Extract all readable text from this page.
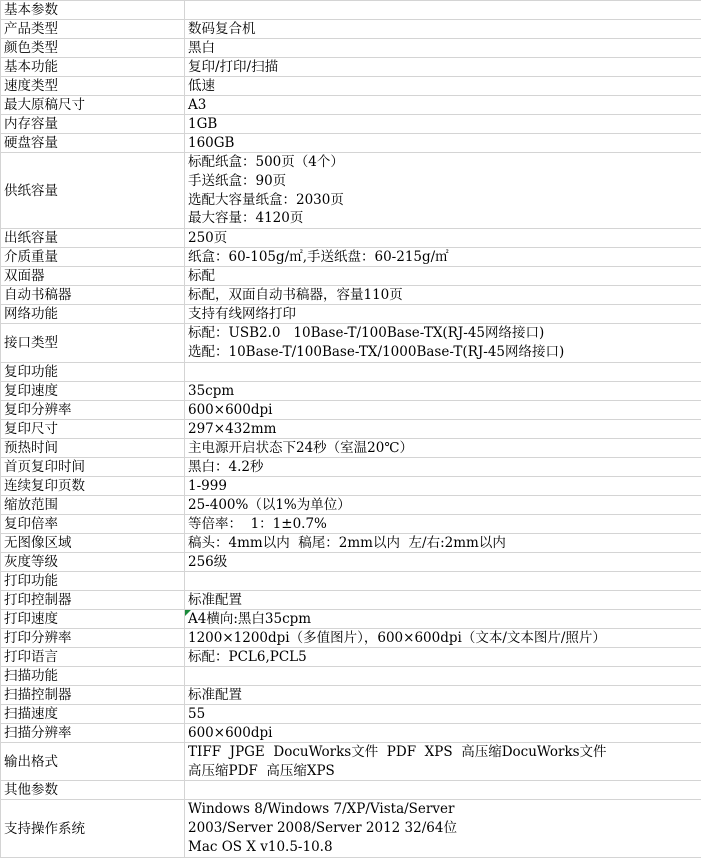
基本参数	
产品类型	数码复合机
颜色类型	黑白
基本功能	复印/打印/扫描
速度类型	低速
最大原稿尺寸	A3
内存容量	1GB
硬盘容量	160GB
供纸容量	标配纸盒：500页（4个）
手送纸盒：90页
选配大容量纸盒：2030页
最大容量：4120页

出纸容量	250页
介质重量	纸盒：60-105g/㎡,手送纸盘：60-215g/㎡
双面器	标配
自动书稿器	标配，双面自动书稿器，容量110页
网络功能	支持有线网络打印
接口类型	标配：USB2.0   10Base-T/100Base-TX(RJ-45网络接口)
选配：10Base-T/100Base-TX/1000Base-T(RJ-45网络接口)

复印功能	
复印速度	35cpm
复印分辨率	600×600dpi
复印尺寸	297×432mm
预热时间	主电源开启状态下24秒（室温20℃）
首页复印时间	黑白：4.2秒
连续复印页数	1-999
缩放范围	25-400%（以1%为单位）
复印倍率	等倍率：  1：1±0.7%
无图像区域	稿头：4mm以内  稿尾：2mm以内  左/右:2mm以内
灰度等级	256级
打印功能	
打印控制器	标准配置
打印速度	A4横向:黑白35cpm

打印分辨率	1200×1200dpi（多值图片），600×600dpi（文本/文本图片/照片）
打印语言	标配：PCL6,PCL5
扫描功能	
扫描控制器	标准配置
扫描速度	55
扫描分辨率	600×600dpi
输出格式	TIFF  JPGE  DocuWorks文件  PDF  XPS  高压缩DocuWorks文件
高压缩PDF  高压缩XPS

其他参数	
支持操作系统	Windows 8/Windows 7/XP/Vista/Server
2003/Server 2008/Server 2012 32/64位
Mac OS X v10.5-10.8
